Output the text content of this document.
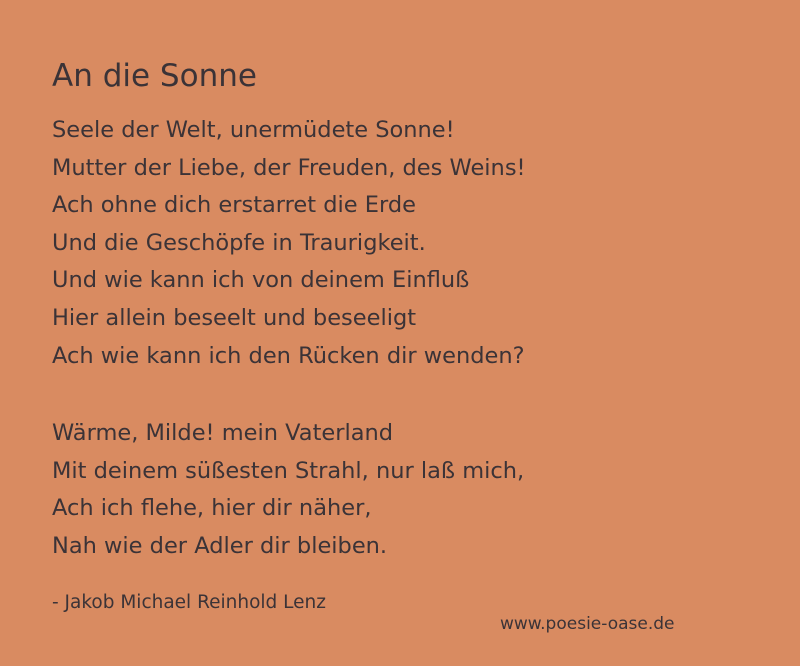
An die Sonne
Seele der Welt, unermüdete Sonne!
Mutter der Liebe, der Freuden, des Weins!
Ach ohne dich erstarret die Erde
Und die Geschöpfe in Traurigkeit.
Und wie kann ich von deinem Einfluß
Hier allein beseelt und beseeligt
Ach wie kann ich den Rücken dir wenden?
Wärme, Milde! mein Vaterland
Mit deinem süßesten Strahl, nur laß mich,
Ach ich flehe, hier dir näher,
Nah wie der Adler dir bleiben.

- Jakob Michael Reinhold Lenz

www.poesie-oase.de
